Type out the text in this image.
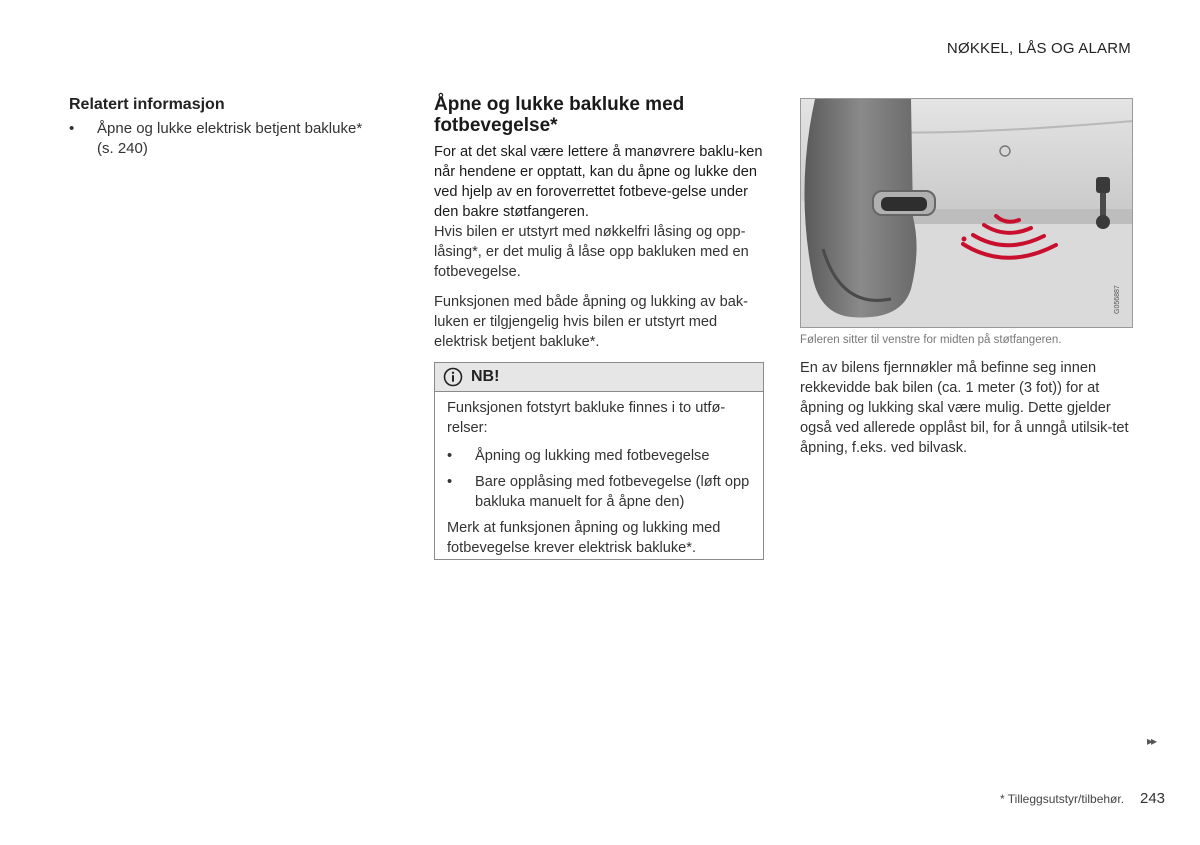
NØKKEL, LÅS OG ALARM
Relatert informasjon
• Åpne og lukke elektrisk betjent bakluke* (s. 240)
Åpne og lukke bakluke med fotbevegelse*

For at det skal være lettere å manøvrere baklu-ken når hendene er opptatt, kan du åpne og lukke den ved hjelp av en foroverrettet fotbeve-gelse under den bakre støtfangeren.

Hvis bilen er utstyrt med nøkkelfri låsing og opp-låsing*, er det mulig å låse opp bakluken med en fotbevegelse.

Funksjonen med både åpning og lukking av bak-luken er tilgjengelig hvis bilen er utstyrt med elektrisk betjent bakluke*.

NB!

Funksjonen fotstyrt bakluke finnes i to utfø-relser:

• Åpning og lukking med fotbevegelse
• Bare opplåsing med fotbevegelse (løft opp bakluka manuelt for å åpne den)

Merk at funksjonen åpning og lukking med fotbevegelse krever elektrisk bakluke*.

G056887
Føleren sitter til venstre for midten på støtfangeren.
En av bilens fjernnøkler må befinne seg innen rekkevidde bak bilen (ca. 1 meter (3 fot)) for at åpning og lukking skal være mulig. Dette gjelder også ved allerede opplåst bil, for å unngå utilsik-tet åpning, f.eks. ved bilvask.
▸▸
* Tilleggsutstyr/tilbehør. 243
